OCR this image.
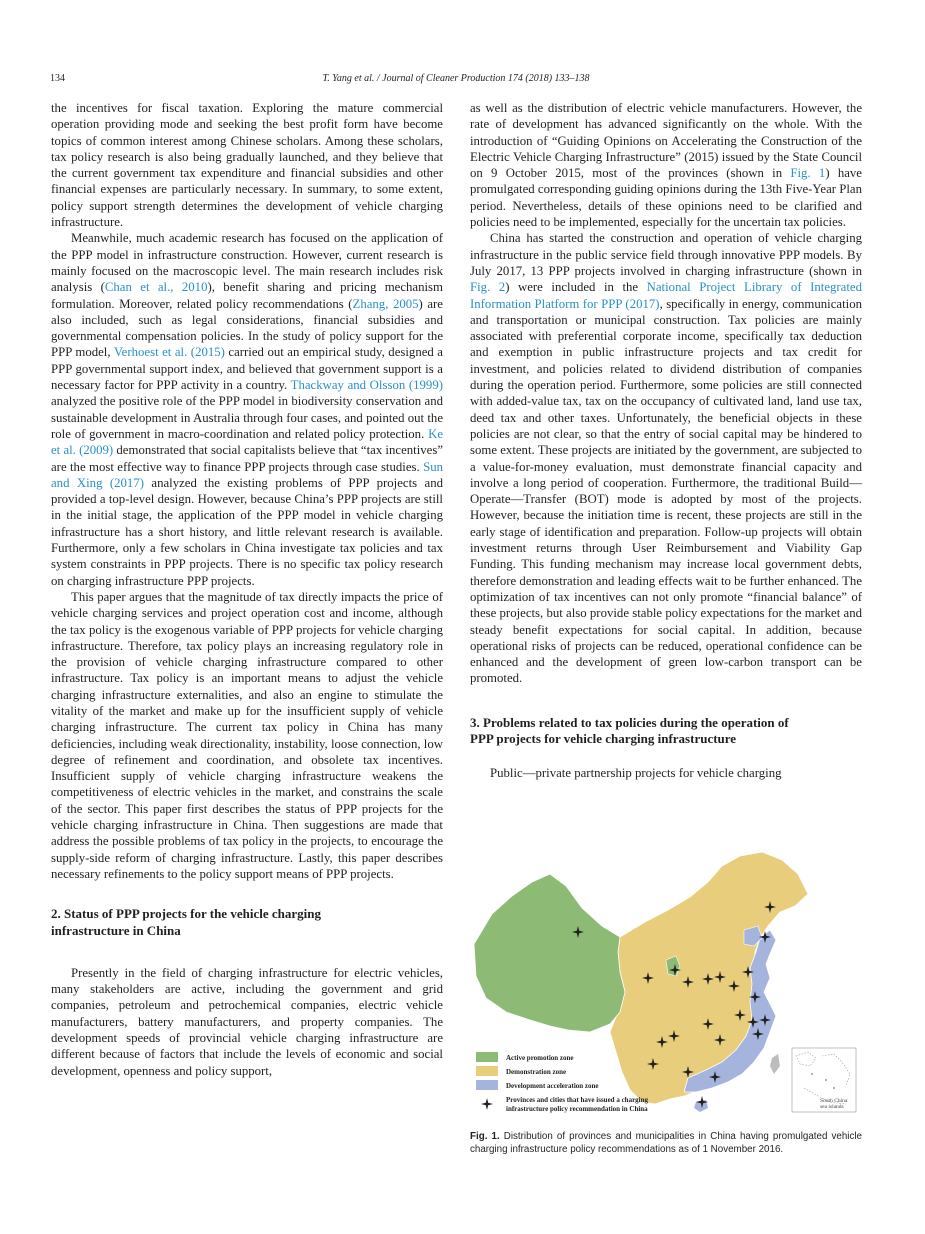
134	T. Yang et al. / Journal of Cleaner Production 174 (2018) 133–138

the incentives for fiscal taxation. Exploring the mature commercial operation providing mode and seeking the best profit form have become topics of common interest among Chinese scholars. Among these scholars, tax policy research is also being gradually launched, and they believe that the current government tax expenditure and financial subsidies and other financial expenses are particularly necessary. In summary, to some extent, policy support strength determines the development of vehicle charging infrastructure.

Meanwhile, much academic research has focused on the application of the PPP model in infrastructure construction. However, current research is mainly focused on the macroscopic level. The main research includes risk analysis (Chan et al., 2010), benefit sharing and pricing mechanism formulation. Moreover, related policy recommendations (Zhang, 2005) are also included, such as legal considerations, financial subsidies and governmental compensation policies. In the study of policy support for the PPP model, Verhoest et al. (2015) carried out an empirical study, designed a PPP governmental support index, and believed that government support is a necessary factor for PPP activity in a country. Thackway and Olsson (1999) analyzed the positive role of the PPP model in biodiversity conservation and sustainable development in Australia through four cases, and pointed out the role of government in macro-coordination and related policy protection. Ke et al. (2009) demonstrated that social capitalists believe that “tax incentives” are the most effective way to finance PPP projects through case studies. Sun and Xing (2017) analyzed the existing problems of PPP projects and provided a top-level design. However, because China’s PPP projects are still in the initial stage, the application of the PPP model in vehicle charging infrastructure has a short history, and little relevant research is available. Furthermore, only a few scholars in China investigate tax policies and tax system constraints in PPP projects. There is no specific tax policy research on charging infrastructure PPP projects.

This paper argues that the magnitude of tax directly impacts the price of vehicle charging services and project operation cost and income, although the tax policy is the exogenous variable of PPP projects for vehicle charging infrastructure. Therefore, tax policy plays an increasing regulatory role in the provision of vehicle charging infrastructure compared to other infrastructure. Tax policy is an important means to adjust the vehicle charging infrastructure externalities, and also an engine to stimulate the vitality of the market and make up for the insufficient supply of vehicle charging infrastructure. The current tax policy in China has many deficiencies, including weak directionality, instability, loose connection, low degree of refinement and coordination, and obsolete tax incentives. Insufficient supply of vehicle charging infrastructure weakens the competitiveness of electric vehicles in the market, and constrains the scale of the sector. This paper first describes the status of PPP projects for the vehicle charging infrastructure in China. Then suggestions are made that address the possible problems of tax policy in the projects, to encourage the supply-side reform of charging infrastructure. Lastly, this paper describes necessary refinements to the policy support means of PPP projects.

2. Status of PPP projects for the vehicle charging
infrastructure in China

Presently in the field of charging infrastructure for electric vehicles, many stakeholders are active, including the government and grid companies, petroleum and petrochemical companies, electric vehicle manufacturers, battery manufacturers, and property companies. The development speeds of provincial vehicle charging infrastructure are different because of factors that include the levels of economic and social development, openness and policy support,

as well as the distribution of electric vehicle manufacturers. However, the rate of development has advanced significantly on the whole. With the introduction of “Guiding Opinions on Accelerating the Construction of the Electric Vehicle Charging Infrastructure” (2015) issued by the State Council on 9 October 2015, most of the provinces (shown in Fig. 1) have promulgated corresponding guiding opinions during the 13th Five-Year Plan period. Nevertheless, details of these opinions need to be clarified and policies need to be implemented, especially for the uncertain tax policies.

China has started the construction and operation of vehicle charging infrastructure in the public service field through innovative PPP models. By July 2017, 13 PPP projects involved in charging infrastructure (shown in Fig. 2) were included in the National Project Library of Integrated Information Platform for PPP (2017), specifically in energy, communication and transportation or municipal construction. Tax policies are mainly associated with preferential corporate income, specifically tax deduction and exemption in public infrastructure projects and tax credit for investment, and policies related to dividend distribution of companies during the operation period. Furthermore, some policies are still connected with added-value tax, tax on the occupancy of cultivated land, land use tax, deed tax and other taxes. Unfortunately, the beneficial objects in these policies are not clear, so that the entry of social capital may be hindered to some extent. These projects are initiated by the government, are subjected to a value-for-money evaluation, must demonstrate financial capacity and involve a long period of cooperation. Furthermore, the traditional Build—Operate—Transfer (BOT) mode is adopted by most of the projects. However, because the initiation time is recent, these projects are still in the early stage of identification and preparation. Follow-up projects will obtain investment returns through User Reimbursement and Viability Gap Funding. This funding mechanism may increase local government debts, therefore demonstration and leading effects wait to be further enhanced. The optimization of tax incentives can not only promote “financial balance” of these projects, but also provide stable policy expectations for the market and steady benefit expectations for social capital. In addition, because operational risks of projects can be reduced, operational confidence can be enhanced and the development of green low-carbon transport can be promoted.

3. Problems related to tax policies during the operation of
PPP projects for vehicle charging infrastructure

Public—private partnership projects for vehicle charging

Active promotion zone
Demonstration zone
Development acceleration zone
Provinces and cities that have issued a charging
infrastructure policy recommendation in China
South China
sea islands
Fig. 1. Distribution of provinces and municipalities in China having promulgated vehicle charging infrastructure policy recommendations as of 1 November 2016.
